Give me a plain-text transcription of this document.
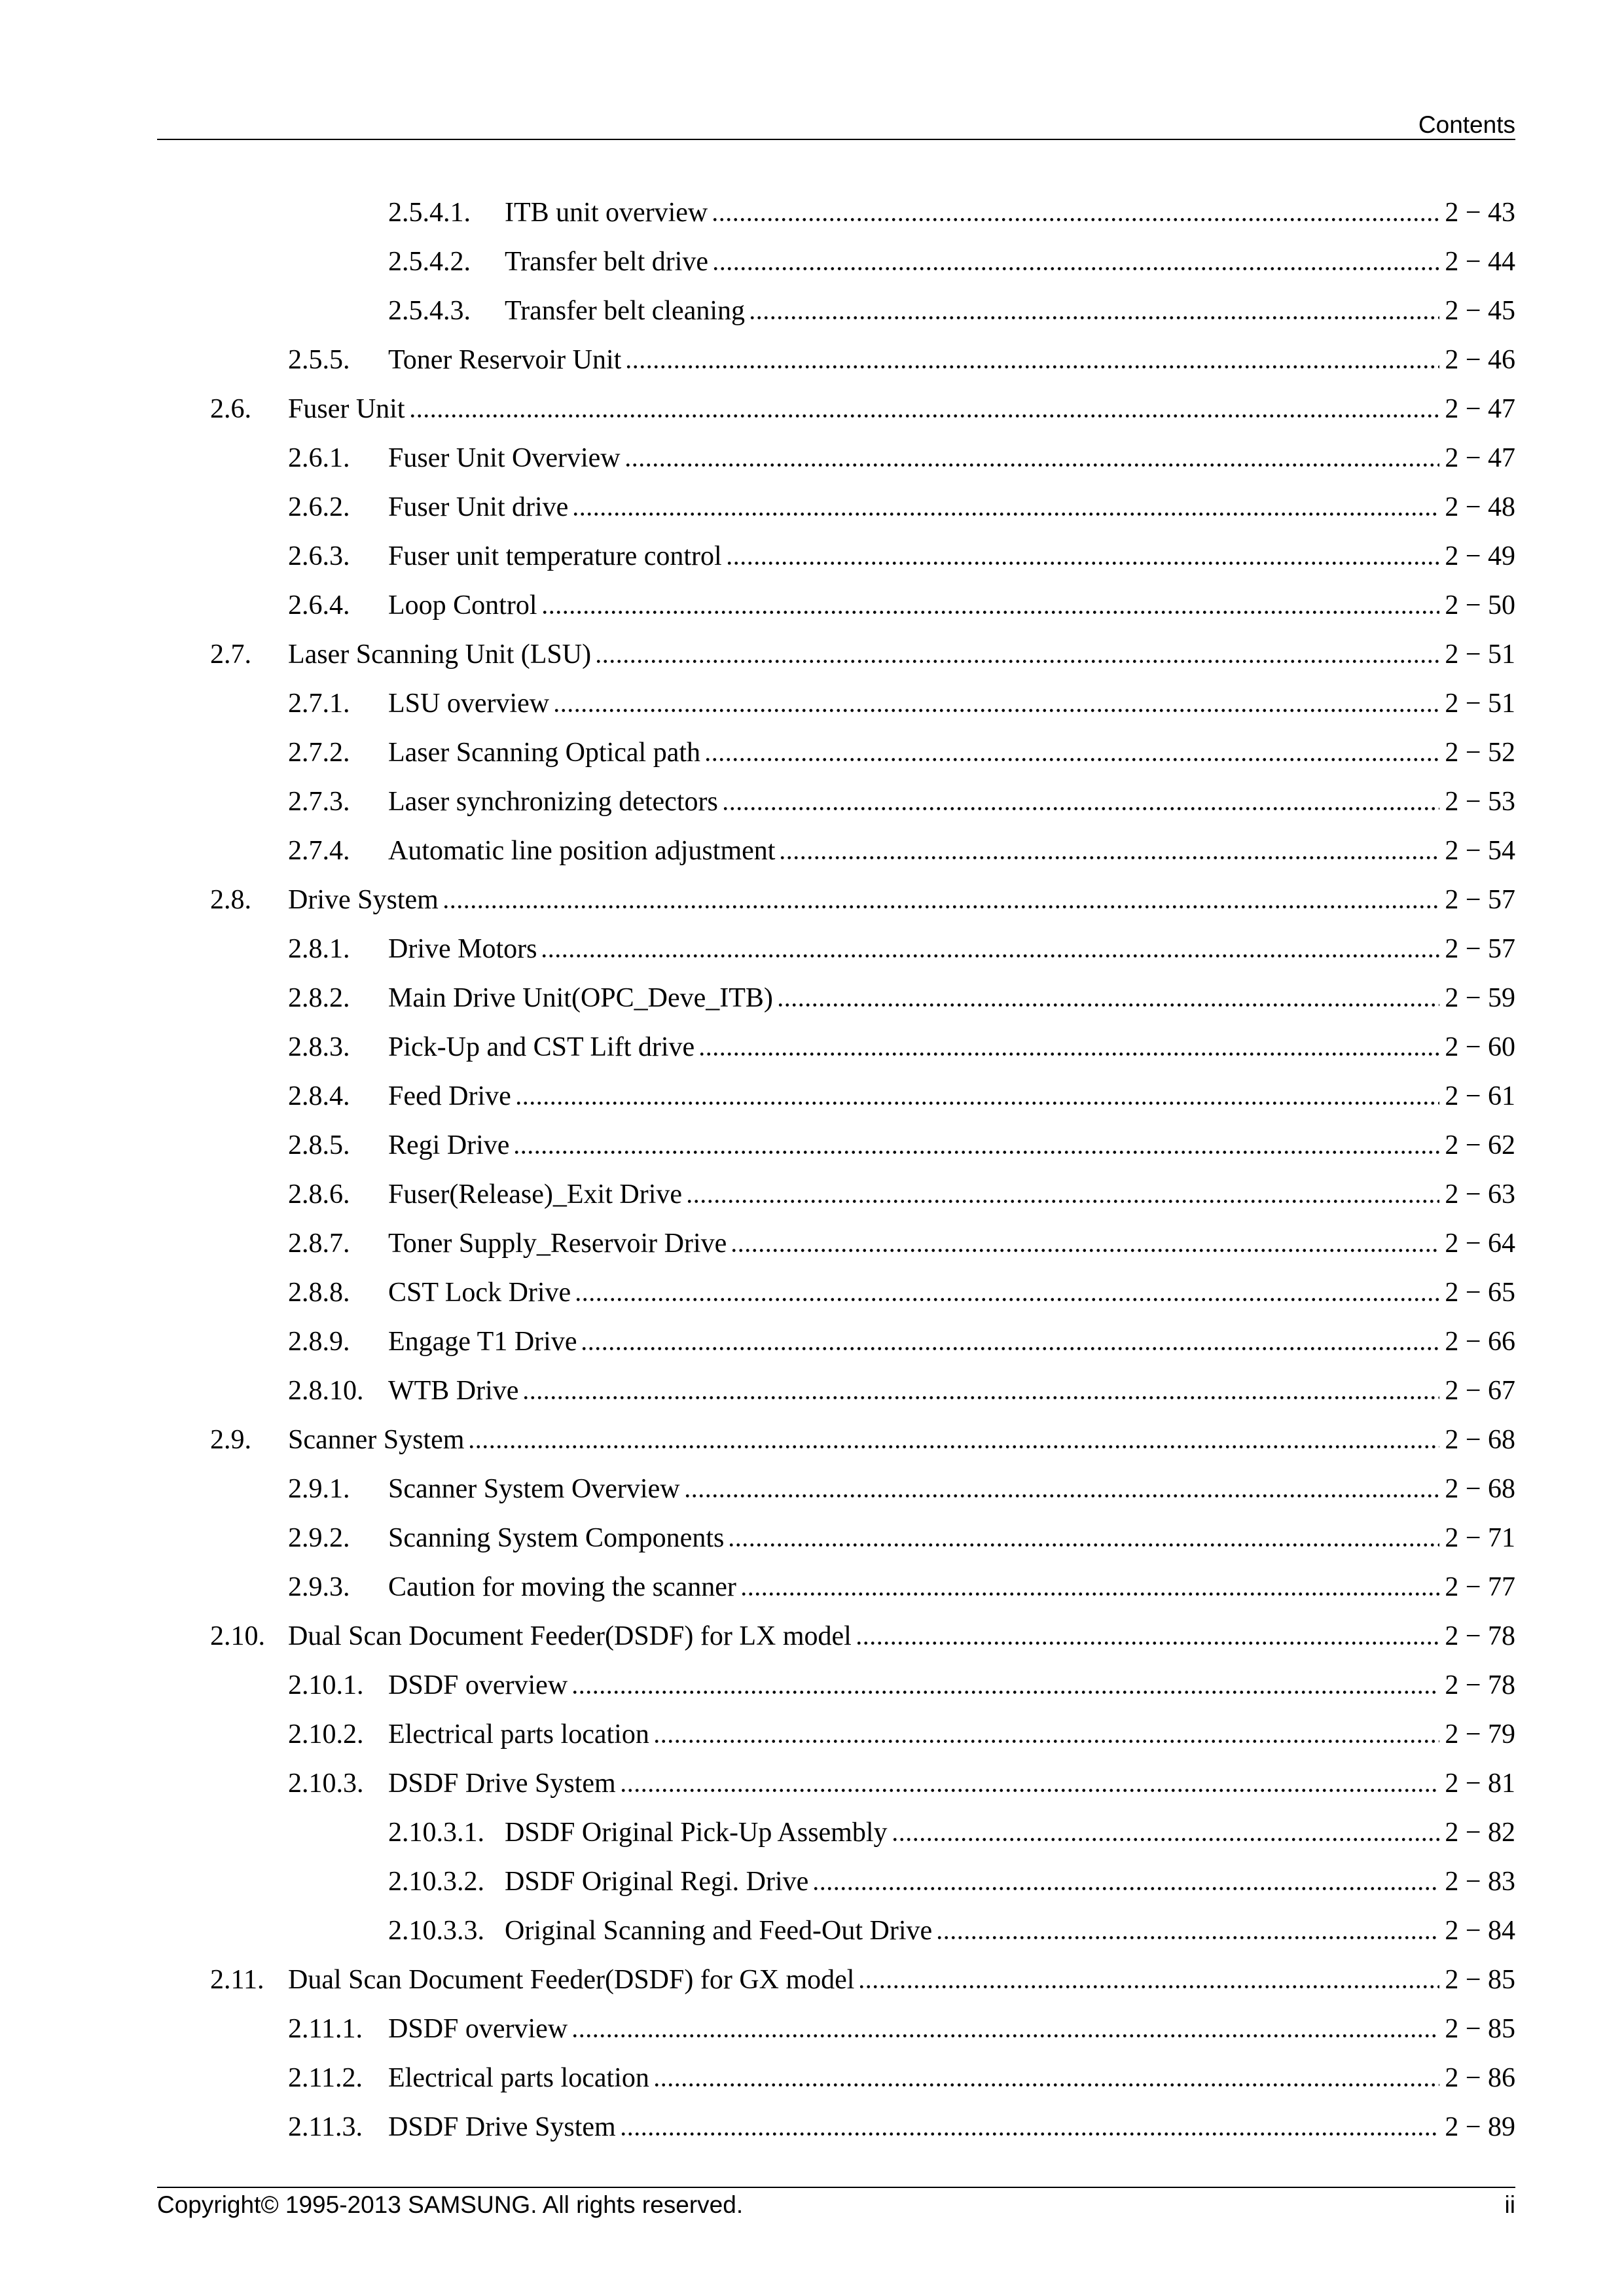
Contents
2.5.4.1.	ITB unit overview	2 − 43
2.5.4.2.	Transfer belt drive	2 − 44
2.5.4.3.	Transfer belt cleaning	2 − 45
2.5.5.	Toner Reservoir Unit	2 − 46
2.6.	Fuser Unit	2 − 47
2.6.1.	Fuser Unit Overview	2 − 47
2.6.2.	Fuser Unit drive	2 − 48
2.6.3.	Fuser unit temperature control	2 − 49
2.6.4.	Loop Control	2 − 50
2.7.	Laser Scanning Unit (LSU)	2 − 51
2.7.1.	LSU overview	2 − 51
2.7.2.	Laser Scanning Optical path	2 − 52
2.7.3.	Laser synchronizing detectors	2 − 53
2.7.4.	Automatic line position adjustment	2 − 54
2.8.	Drive System	2 − 57
2.8.1.	Drive Motors	2 − 57
2.8.2.	Main Drive Unit(OPC_Deve_ITB)	2 − 59
2.8.3.	Pick-Up and CST Lift drive	2 − 60
2.8.4.	Feed Drive	2 − 61
2.8.5.	Regi Drive	2 − 62
2.8.6.	Fuser(Release)_Exit Drive	2 − 63
2.8.7.	Toner Supply_Reservoir Drive	2 − 64
2.8.8.	CST Lock Drive	2 − 65
2.8.9.	Engage T1 Drive	2 − 66
2.8.10. WTB Drive	2 − 67
2.9.	Scanner System	2 − 68
2.9.1.	Scanner System Overview	2 − 68
2.9.2.	Scanning System Components	2 − 71
2.9.3.	Caution for moving the scanner	2 − 77
2.10. Dual Scan Document Feeder(DSDF) for LX model	2 − 78
2.10.1. DSDF overview	2 − 78
2.10.2. Electrical parts location	2 − 79
2.10.3. DSDF Drive System	2 − 81
2.10.3.1. DSDF Original Pick-Up Assembly	2 − 82
2.10.3.2. DSDF Original Regi. Drive	2 − 83
2.10.3.3. Original Scanning and Feed-Out Drive	2 − 84
2.11. Dual Scan Document Feeder(DSDF) for GX model	2 − 85
2.11.1. DSDF overview	2 − 85
2.11.2. Electrical parts location	2 − 86
2.11.3. DSDF Drive System	2 − 89
Copyright© 1995-2013 SAMSUNG. All rights reserved.	ii
